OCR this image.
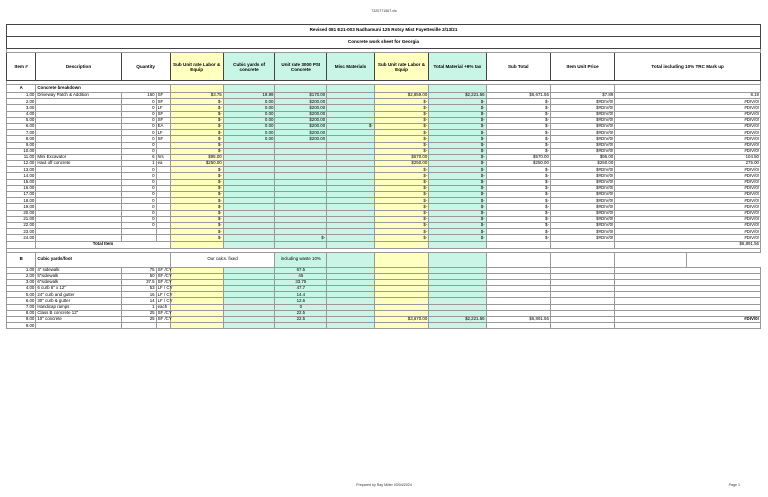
7320771567.xls
Revised 081 E21-003 Nadhamuni 125 Rotsy Mist Fayetteville 2/13/21												
Concrete work sheet for Georgia												

Item #	Description	Quantity		Sub Unit rate Labor & Equip	Cubic yards of concrete	Unit rate 3000 PSI Concrete	Misc Materials	Sub Unit rate Labor & Equip	Total Material +9% tax	Sub Total	Item Unit Price	Total including 10% TRC Mark up

A	Concrete breakdown											
1.00	Driveway Patch & Addition	160	SF	$3.75	19.89	$170.00		$2,859.00	$2,221.56	$6,671.56	$7.89	8.19
2.00		0	SF	$-	0.00	$200.00		$-	$-	$-	$#DIV/0!	#DIV/0!
3.00		0	LF	$-	0.00	$200.00		$-	$-	$-	$#DIV/0!	#DIV/0!
4.00		0	SF	$-	0.00	$200.00		$-	$-	$-	$#DIV/0!	#DIV/0!
5.00		0	SF	$-	0.00	$200.00		$-	$-	$-	$#DIV/0!	#DIV/0!
6.00		0	EA	$-	0.00	$200.00	$-	$-	$-	$-	$#DIV/0!	#DIV/0!
7.00		0	LF	$-	0.00	$200.00		$-	$-	$-	$#DIV/0!	#DIV/0!
8.00		0	SF	$-	0.00	$200.00		$-	$-	$-	$#DIV/0!	#DIV/0!
9.00		0		$-				$-	$-	$-	$#DIV/0!	#DIV/0!
10.00		0		$-				$-	$-	$-	$#DIV/0!	#DIV/0!
11.00	Mini Excavator	6	hrs	$95.00				$570.00	$-	$570.00	$95.00	104.50
12.00	Haul off concrete	1	ea	$250.00				$250.00	$-	$250.00	$250.00	275.00
13.00		0		$-				$-	$-	$-	$#DIV/0!	#DIV/0!
14.00		0		$-				$-	$-	$-	$#DIV/0!	#DIV/0!
15.00		0		$-				$-	$-	$-	$#DIV/0!	#DIV/0!
16.00		0		$-				$-	$-	$-	$#DIV/0!	#DIV/0!
17.00		0		$-				$-	$-	$-	$#DIV/0!	#DIV/0!
18.00		0		$-				$-	$-	$-	$#DIV/0!	#DIV/0!
19.00		0		$-				$-	$-	$-	$#DIV/0!	#DIV/0!
20.00		0		$-				$-	$-	$-	$#DIV/0!	#DIV/0!
21.00		0		$-				$-	$-	$-	$#DIV/0!	#DIV/0!
22.00		0		$-				$-	$-	$-	$#DIV/0!	#DIV/0!
23.00				$-				$-	$-	$-	$#DIV/0!	#DIV/0!
24.00				$-		$-		$-	$-	$-	$#DIV/0!	#DIV/0!
	Total Item											$6,891.56

B	Cubic yards/foot			Our calcs. fixed		including waste 10%						
1.00	4" sidewalk	75	SF /CY			67.5						
2.00	5"sidewalk	50	SF /CY			45						
3.00	6"sidewalk	37.5	SF /CY			33.75						
4.00	6 curb 6" x 12"	53	LF / CY			47.7						
5.00	24" curb and gutter	16	LF / CY			14.4						
6.00	30" curb & gutter	14	LF / CY			12.6						
7.00	Handicap ramps	1	each			0						
8.00	Class B concrete 12"	25	SF /CY			22.5						
9.00	10" concrete	25	SF /CY			22.5		$3,670.00	$2,221.56	$6,891.56		#DIV/0!
9.00												
Prepared by Ray Miller 03/04/2024	Page 1
